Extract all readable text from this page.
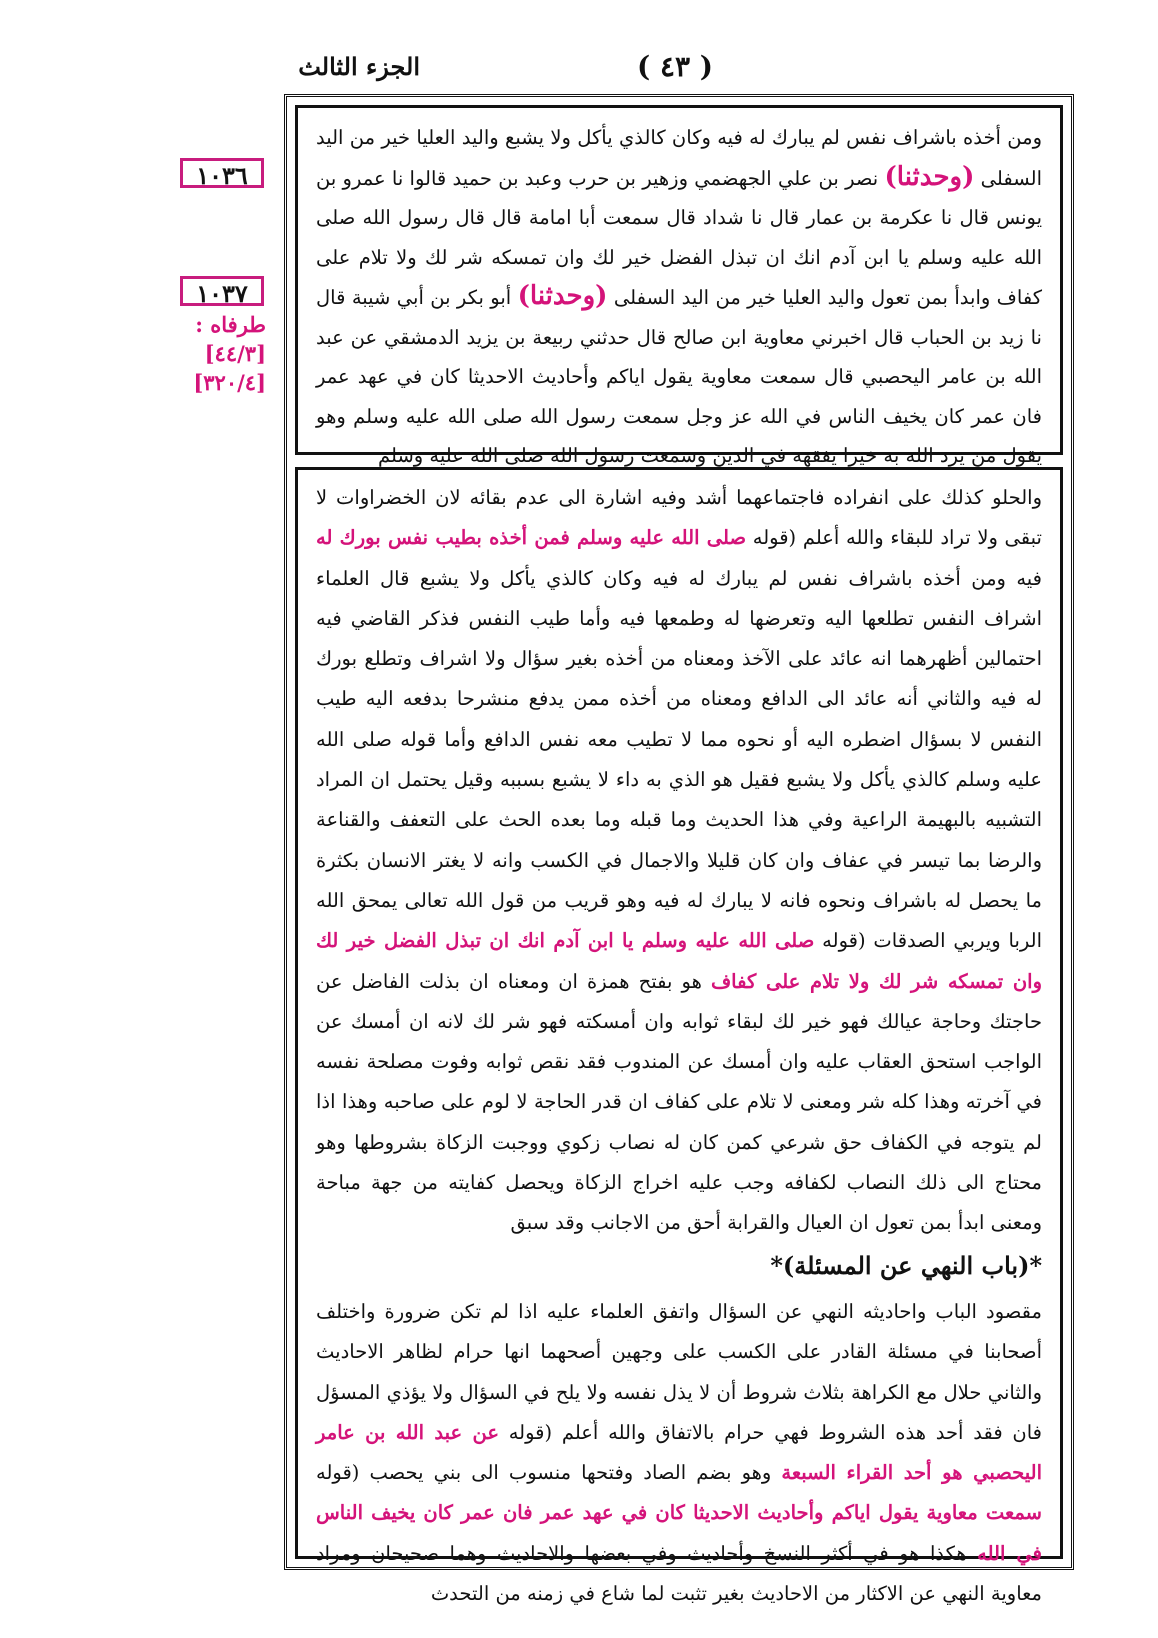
الجزء الثالث	( ٤٣ )
١٠٣٦
١٠٣٧
طرفاه :
[٤٤/٣]
[٣٢٠/٤]
ومن أخذه باشراف نفس لم يبارك له فيه وكان كالذي يأكل ولا يشبع واليد العليا خير من اليد السفلى (وحدثنا) نصر بن علي الجهضمي وزهير بن حرب وعبد بن حميد قالوا نا عمرو بن يونس قال نا عكرمة بن عمار قال نا شداد قال سمعت أبا امامة قال قال رسول الله صلى الله عليه وسلم يا ابن آدم انك ان تبذل الفضل خير لك وان تمسكه شر لك ولا تلام على كفاف وابدأ بمن تعول واليد العليا خير من اليد السفلى (وحدثنا) أبو بكر بن أبي شيبة قال نا زيد بن الحباب قال اخبرني معاوية ابن صالح قال حدثني ربيعة بن يزيد الدمشقي عن عبد الله بن عامر اليحصبي قال سمعت معاوية يقول اياكم وأحاديث الاحديثا كان في عهد عمر فان عمر كان يخيف الناس في الله عز وجل سمعت رسول الله صلى الله عليه وسلم وهو يقول من يرد الله به خيرا يفقهه في الدين وسمعت رسول الله صلى الله عليه وسلم

والحلو كذلك على انفراده فاجتماعهما أشد وفيه اشارة الى عدم بقائه لان الخضراوات لا تبقى ولا تراد للبقاء والله أعلم (قوله صلى الله عليه وسلم فمن أخذه بطيب نفس بورك له فيه ومن أخذه باشراف نفس لم يبارك له فيه وكان كالذي يأكل ولا يشبع قال العلماء اشراف النفس تطلعها اليه وتعرضها له وطمعها فيه وأما طيب النفس فذكر القاضي فيه احتمالين أظهرهما انه عائد على الآخذ ومعناه من أخذه بغير سؤال ولا اشراف وتطلع بورك له فيه والثاني أنه عائد الى الدافع ومعناه من أخذه ممن يدفع منشرحا بدفعه اليه طيب النفس لا بسؤال اضطره اليه أو نحوه مما لا تطيب معه نفس الدافع وأما قوله صلى الله عليه وسلم كالذي يأكل ولا يشبع فقيل هو الذي به داء لا يشبع بسببه وقيل يحتمل ان المراد التشبيه بالبهيمة الراعية وفي هذا الحديث وما قبله وما بعده الحث على التعفف والقناعة والرضا بما تيسر في عفاف وان كان قليلا والاجمال في الكسب وانه لا يغتر الانسان بكثرة ما يحصل له باشراف ونحوه فانه لا يبارك له فيه وهو قريب من قول الله تعالى يمحق الله الربا ويربي الصدقات (قوله صلى الله عليه وسلم يا ابن آدم انك ان تبذل الفضل خير لك وان تمسكه شر لك ولا تلام على كفاف هو بفتح همزة ان ومعناه ان بذلت الفاضل عن حاجتك وحاجة عيالك فهو خير لك لبقاء ثوابه وان أمسكته فهو شر لك لانه ان أمسك عن الواجب استحق العقاب عليه وان أمسك عن المندوب فقد نقص ثوابه وفوت مصلحة نفسه في آخرته وهذا كله شر ومعنى لا تلام على كفاف ان قدر الحاجة لا لوم على صاحبه وهذا اذا لم يتوجه في الكفاف حق شرعي كمن كان له نصاب زكوي ووجبت الزكاة بشروطها وهو محتاج الى ذلك النصاب لكفافه وجب عليه اخراج الزكاة ويحصل كفايته من جهة مباحة ومعنى ابدأ بمن تعول ان العيال والقرابة أحق من الاجانب وقد سبق

*(باب النهي عن المسئلة)*

مقصود الباب واحاديثه النهي عن السؤال واتفق العلماء عليه اذا لم تكن ضرورة واختلف أصحابنا في مسئلة القادر على الكسب على وجهين أصحهما انها حرام لظاهر الاحاديث والثاني حلال مع الكراهة بثلاث شروط أن لا يذل نفسه ولا يلح في السؤال ولا يؤذي المسؤل فان فقد أحد هذه الشروط فهي حرام بالاتفاق والله أعلم (قوله عن عبد الله بن عامر اليحصبي هو أحد القراء السبعة وهو بضم الصاد وفتحها منسوب الى بني يحصب (قوله سمعت معاوية يقول اياكم وأحاديث الاحديثا كان في عهد عمر فان عمر كان يخيف الناس في الله هكذا هو في أكثر النسخ وأحاديث وفي بعضها والاحاديث وهما صحيحان ومراد معاوية النهي عن الاكثار من الاحاديث بغير تثبت لما شاع في زمنه من التحدث
